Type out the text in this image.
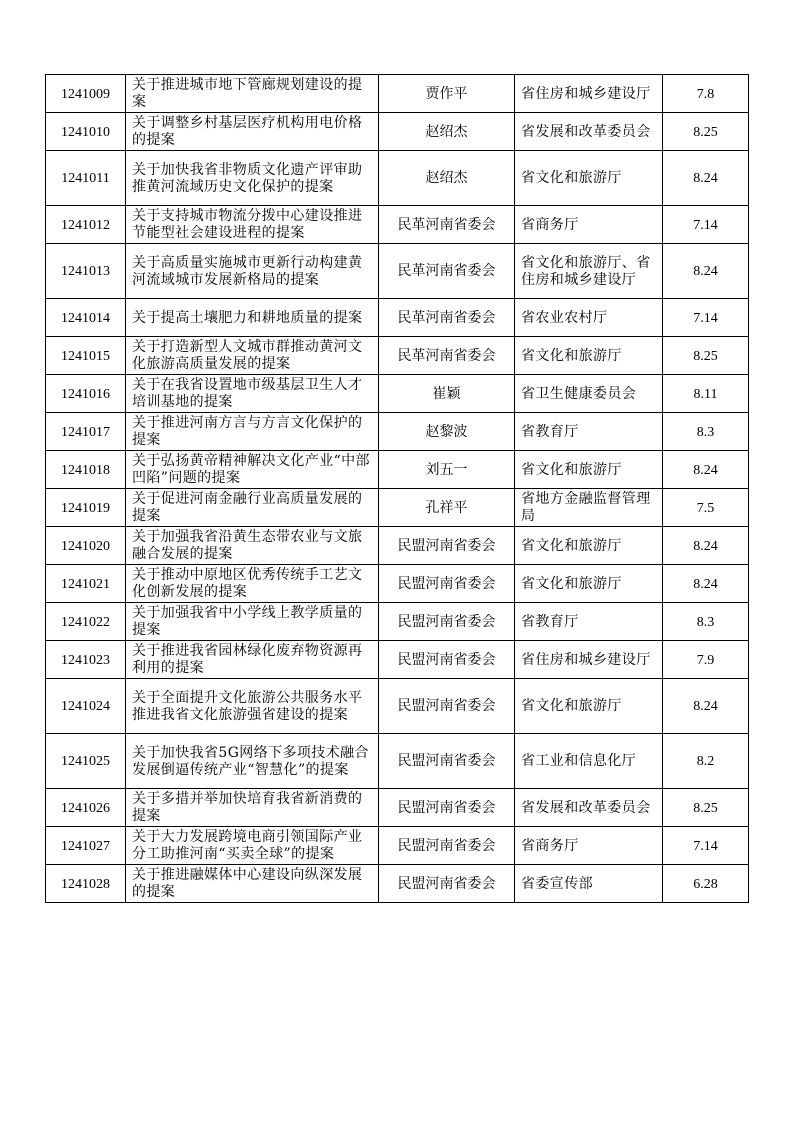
1241009	关于推进城市地下管廊规划建设的提案	贾作平	省住房和城乡建设厅	7.8
1241010	关于调整乡村基层医疗机构用电价格的提案	赵绍杰	省发展和改革委员会	8.25
1241011	关于加快我省非物质文化遗产评审助推黄河流域历史文化保护的提案	赵绍杰	省文化和旅游厅	8.24
1241012	关于支持城市物流分拨中心建设推进节能型社会建设进程的提案	民革河南省委会	省商务厅	7.14
1241013	关于高质量实施城市更新行动构建黄河流域城市发展新格局的提案	民革河南省委会	省文化和旅游厅、省住房和城乡建设厅	8.24
1241014	关于提高土壤肥力和耕地质量的提案	民革河南省委会	省农业农村厅	7.14
1241015	关于打造新型人文城市群推动黄河文化旅游高质量发展的提案	民革河南省委会	省文化和旅游厅	8.25
1241016	关于在我省设置地市级基层卫生人才培训基地的提案	崔颖	省卫生健康委员会	8.11
1241017	关于推进河南方言与方言文化保护的提案	赵黎波	省教育厅	8.3
1241018	关于弘扬黄帝精神解决文化产业“中部凹陷”问题的提案	刘五一	省文化和旅游厅	8.24
1241019	关于促进河南金融行业高质量发展的提案	孔祥平	省地方金融监督管理局	7.5
1241020	关于加强我省沿黄生态带农业与文旅融合发展的提案	民盟河南省委会	省文化和旅游厅	8.24
1241021	关于推动中原地区优秀传统手工艺文化创新发展的提案	民盟河南省委会	省文化和旅游厅	8.24
1241022	关于加强我省中小学线上教学质量的提案	民盟河南省委会	省教育厅	8.3
1241023	关于推进我省园林绿化废弃物资源再利用的提案	民盟河南省委会	省住房和城乡建设厅	7.9
1241024	关于全面提升文化旅游公共服务水平推进我省文化旅游强省建设的提案	民盟河南省委会	省文化和旅游厅	8.24
1241025	关于加快我省5G网络下多项技术融合发展倒逼传统产业“智慧化”的提案	民盟河南省委会	省工业和信息化厅	8.2
1241026	关于多措并举加快培育我省新消费的提案	民盟河南省委会	省发展和改革委员会	8.25
1241027	关于大力发展跨境电商引领国际产业分工助推河南“买卖全球”的提案	民盟河南省委会	省商务厅	7.14
1241028	关于推进融媒体中心建设向纵深发展的提案	民盟河南省委会	省委宣传部	6.28
